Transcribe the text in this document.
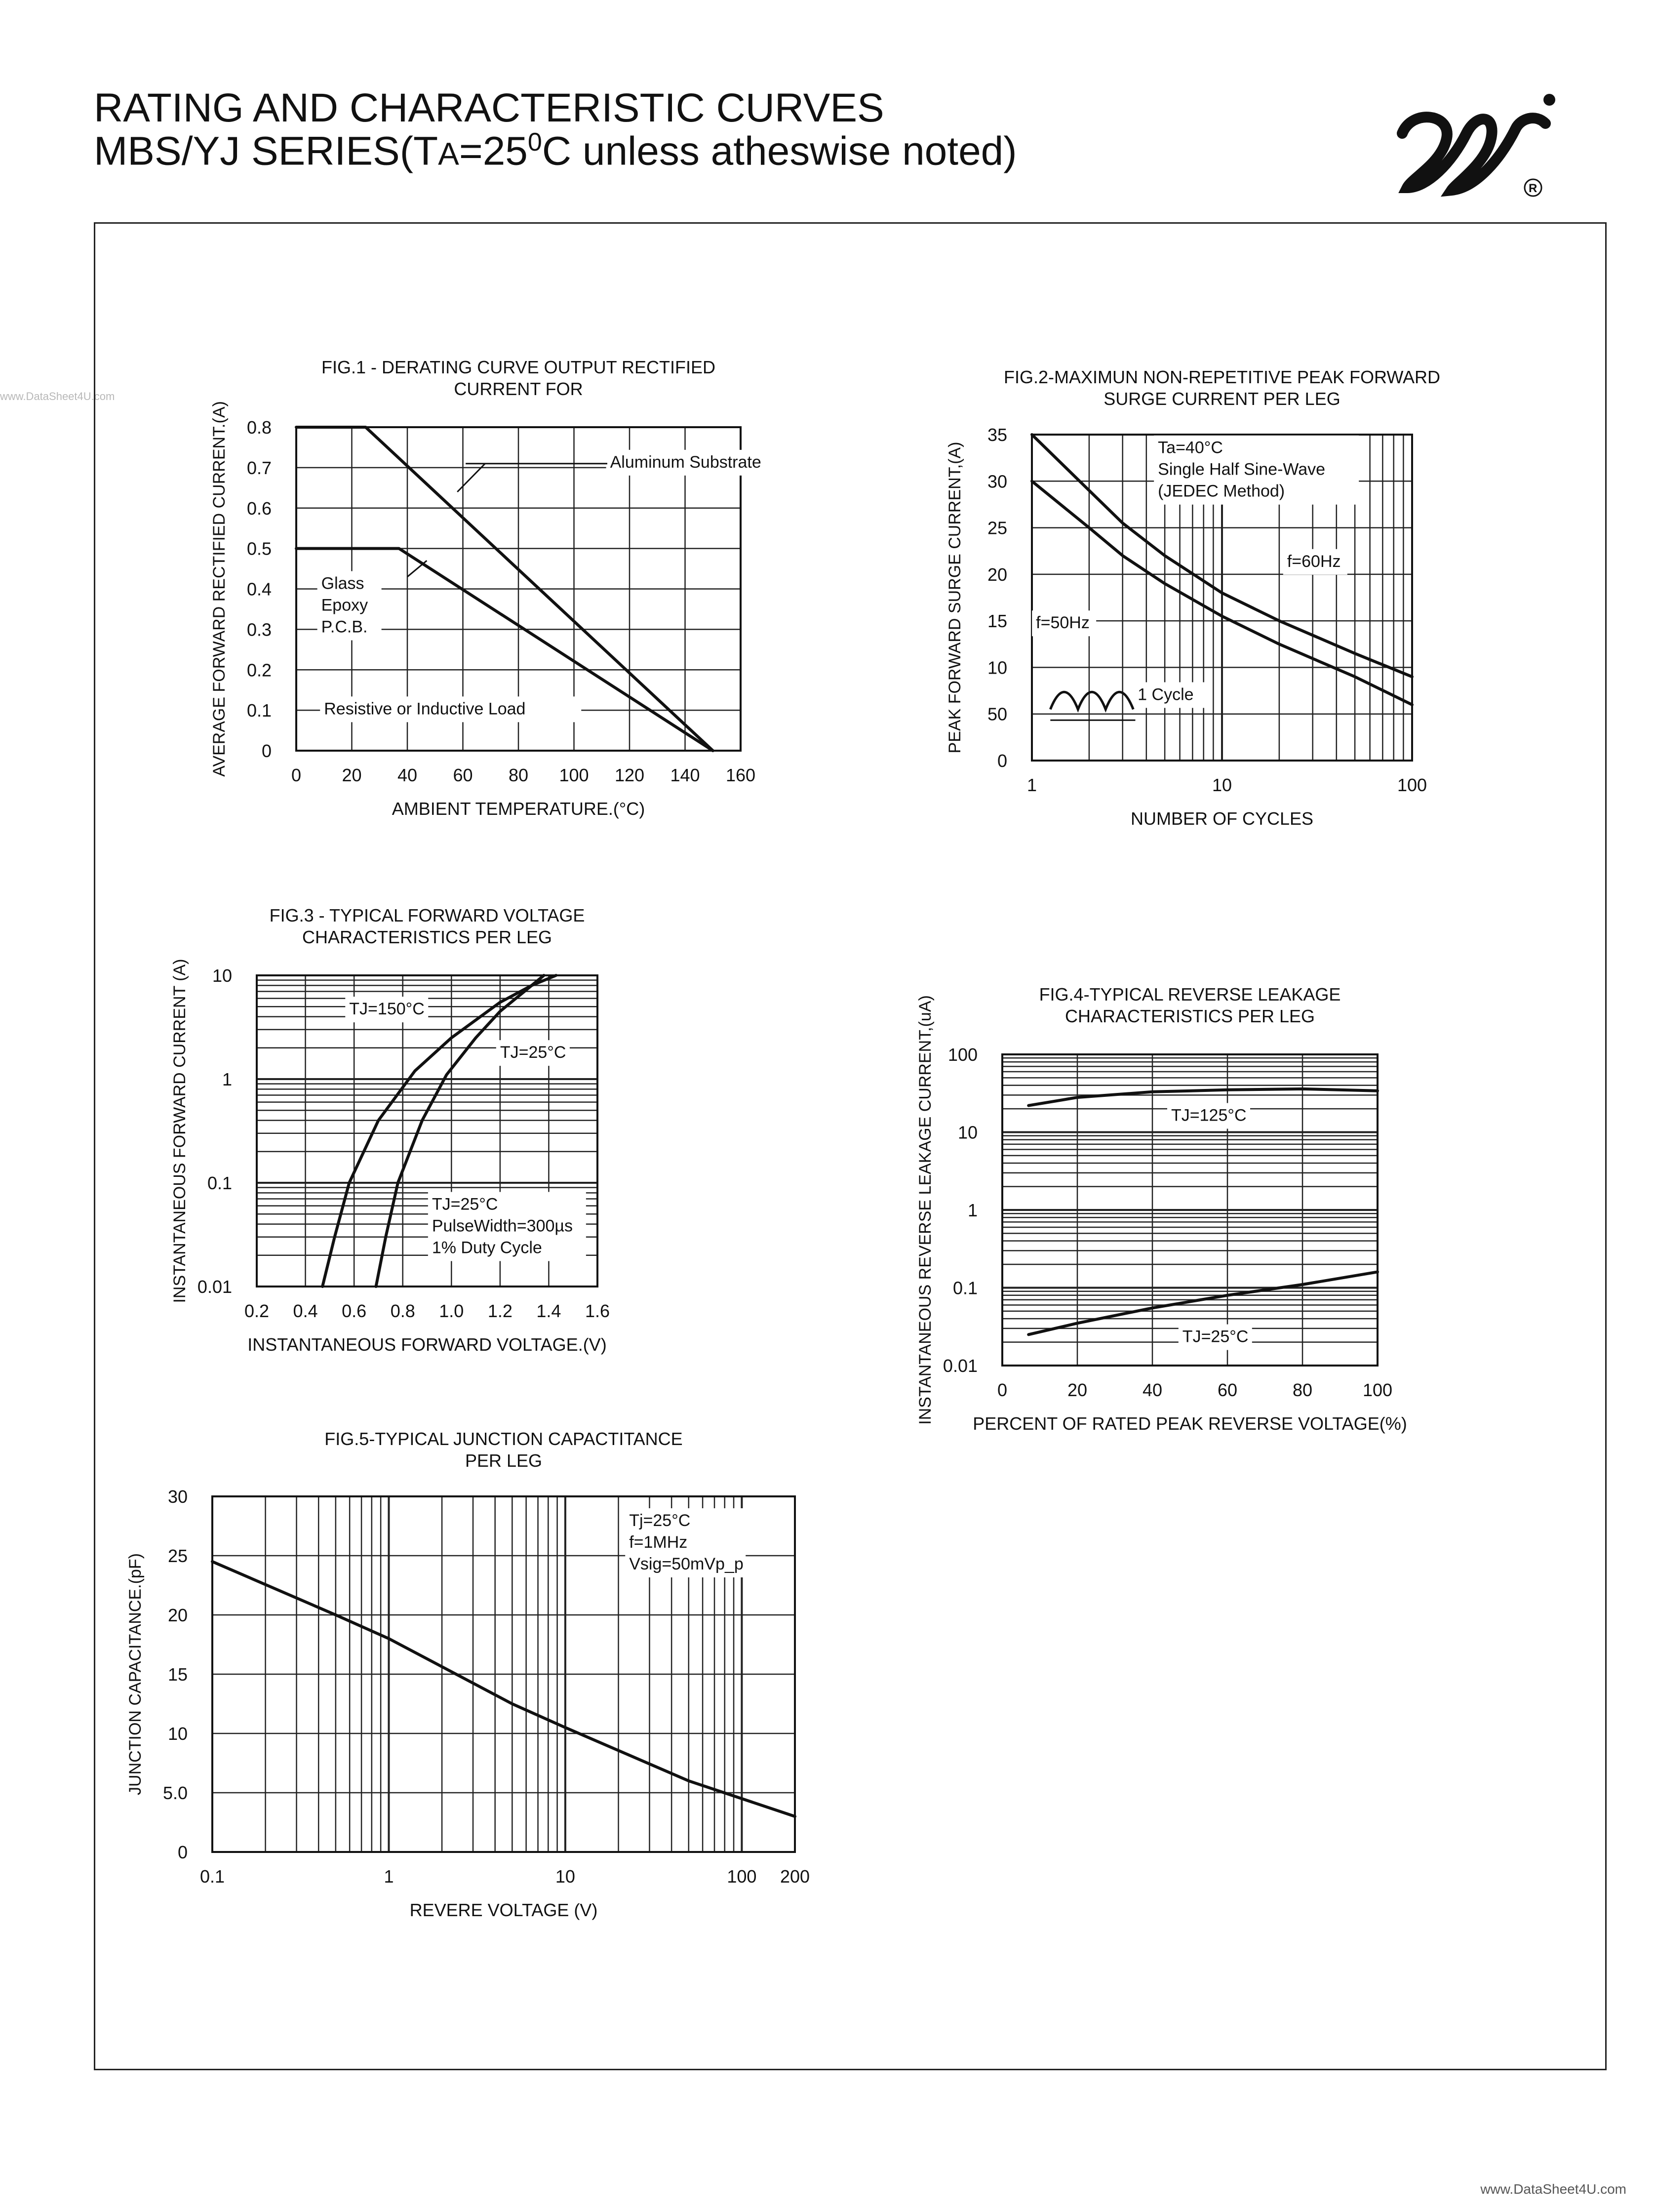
RATING AND CHARACTERISTIC CURVES
MBS/YJ $SERIES(TA=25^0C$ unless atheswise noted)
R
www.DataSheet4U.com
www.DataSheet4U.com
0 20 40 60 80 100 120 140 160
0
0.1
0.2
0.3
0.4
0.5
0.6
0.7
0.8
FIG.1 - DERATING CURVE OUTPUT RECTIFIED
CURRENT FOR
AMBIENT TEMPERATURE.(°C)
AVERAGE FORWARD RECTIFIED CURRENT.(A)	Aluminum Substrate
Glass
Epoxy
P.C.B.
Resistive or Inductive Load
1	10	100
0
50
10
15
20
25
30
35
FIG.2-MAXIMUN NON-REPETITIVE PEAK FORWARD
SURGE CURRENT PER LEG
NUMBER OF CYCLES
PEAK FORWARD SURGE CURRENT,(A)	Ta=40°C
Single Half Sine-Wave
(JEDEC Method)
f=60Hz
f=50Hz
1 Cycle
0.2 0.4 0.6 0.8 1.0 1.2 1.4 1.6
0.01
0.1
1
10
FIG.3 - TYPICAL FORWARD VOLTAGE
CHARACTERISTICS PER LEG
INSTANTANEOUS FORWARD VOLTAGE.(V)
INSTANTANEOUS FORWARD CURRENT (A)	TJ=150°C
TJ=25°C
TJ=25°C
PulseWidth=300µs
1% Duty Cycle
0	20	40	60	80	100
0.01
0.1
1
10
100
FIG.4-TYPICAL REVERSE LEAKAGE
CHARACTERISTICS PER LEG
PERCENT OF RATED PEAK REVERSE VOLTAGE(%)
INSTANTANEOUS REVERSE LEAKAGE CURRENT,(uA)	TJ=125°C
TJ=25°C
0.1	1	10	100 200
0
5.0
10
15
20
25
30
FIG.5-TYPICAL JUNCTION CAPACTITANCE
PER LEG
REVERE VOLTAGE (V)
JUNCTION CAPACITANCE.(pF)
Tj=25°C
f=1MHz
Vsig=50mVp_p
